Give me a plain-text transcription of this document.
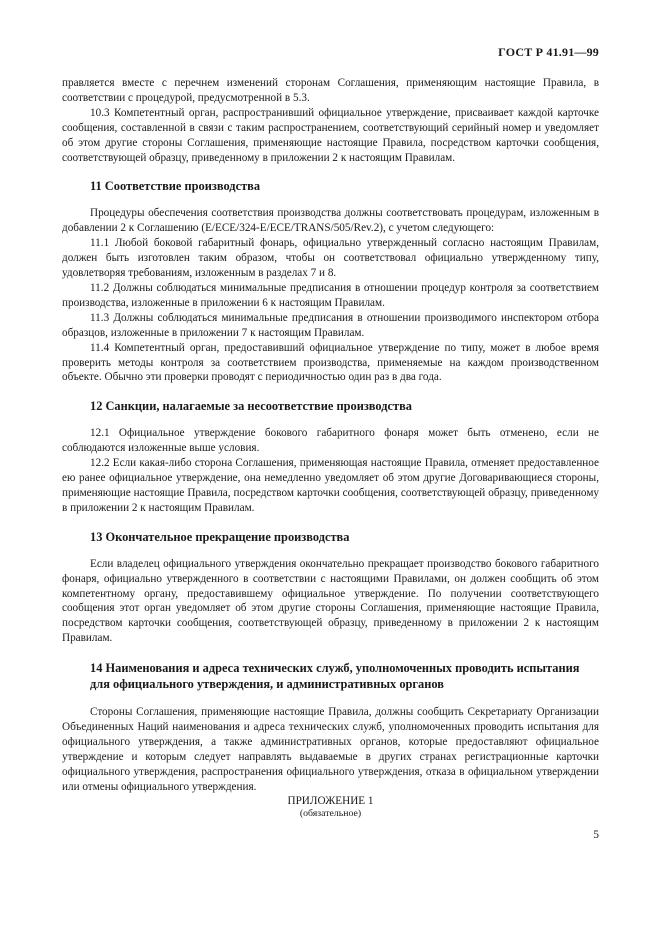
ГОСТ Р 41.91—99

правляется вместе с перечнем изменений сторонам Соглашения, применяющим настоящие Правила, в соответствии с процедурой, предусмотренной в 5.3.

10.3 Компетентный орган, распространивший официальное утверждение, присваивает каждой карточке сообщения, составленной в связи с таким распространением, соответствующий серийный номер и уведомляет об этом другие стороны Соглашения, применяющие настоящие Правила, посредством карточки сообщения, соответствующей образцу, приведенному в приложении 2 к настоящим Правилам.

11 Соответствие производства

Процедуры обеспечения соответствия производства должны соответствовать процедурам, изложенным в добавлении 2 к Соглашению (E/ECE/324-E/ECE/TRANS/505/Rev.2), с учетом следующего:

11.1 Любой боковой габаритный фонарь, официально утвержденный согласно настоящим Правилам, должен быть изготовлен таким образом, чтобы он соответствовал официально утвержденному типу, удовлетворяя требованиям, изложенным в разделах 7 и 8.

11.2 Должны соблюдаться минимальные предписания в отношении процедур контроля за соответствием производства, изложенные в приложении 6 к настоящим Правилам.

11.3 Должны соблюдаться минимальные предписания в отношении производимого инспектором отбора образцов, изложенные в приложении 7 к настоящим Правилам.

11.4 Компетентный орган, предоставивший официальное утверждение по типу, может в любое время проверить методы контроля за соответствием производства, применяемые на каждом производственном объекте. Обычно эти проверки проводят с периодичностью один раз в два года.

12 Санкции, налагаемые за несоответствие производства

12.1 Официальное утверждение бокового габаритного фонаря может быть отменено, если не соблюдаются изложенные выше условия.

12.2 Если какая-либо сторона Соглашения, применяющая настоящие Правила, отменяет предоставленное ею ранее официальное утверждение, она немедленно уведомляет об этом другие Договаривающиеся стороны, применяющие настоящие Правила, посредством карточки сообщения, соответствующей образцу, приведенному в приложении 2 к настоящим Правилам.

13 Окончательное прекращение производства

Если владелец официального утверждения окончательно прекращает производство бокового габаритного фонаря, официально утвержденного в соответствии с настоящими Правилами, он должен сообщить об этом компетентному органу, предоставившему официальное утверждение. По получении соответствующего сообщения этот орган уведомляет об этом другие стороны Соглашения, применяющие настоящие Правила, посредством карточки сообщения, соответствующей образцу, приведенному в приложении 2 к настоящим Правилам.

14 Наименования и адреса технических служб, уполномоченных проводить испытания для официального утверждения, и административных органов

Стороны Соглашения, применяющие настоящие Правила, должны сообщить Секретариату Организации Объединенных Наций наименования и адреса технических служб, уполномоченных проводить испытания для официального утверждения, а также административных органов, которые предоставляют официальное утверждение и которым следует направлять выдаваемые в других странах регистрационные карточки официального утверждения, распространения официального утверждения, отказа в официальном утверждении или отмены официального утверждения.

ПРИЛОЖЕНИЕ 1
(обязательное)
5
